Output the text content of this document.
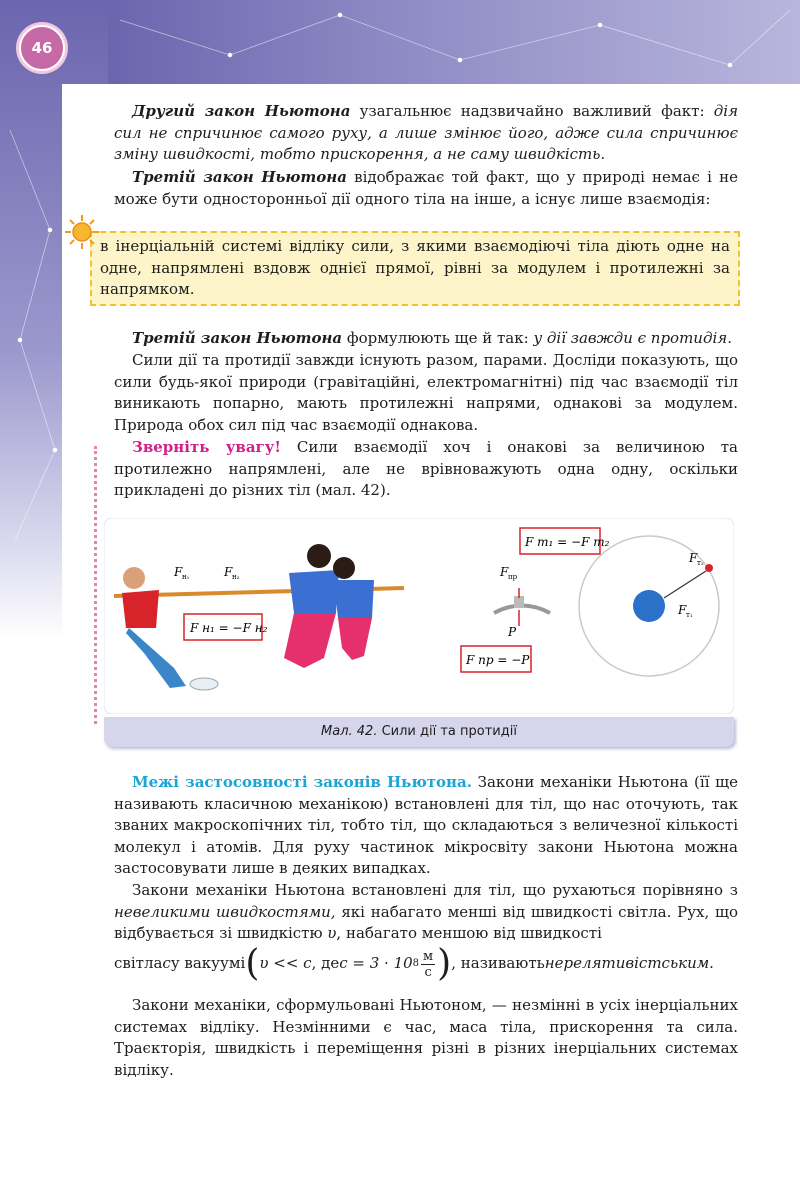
46

Другий закон Ньютона узагальнює надзвичайно важливий факт: дія сил не спричинює самого руху, а лише змінює його, адже сила спричинює зміну швидкості, тобто прискорення, а не саму швидкість.

Третій закон Ньютона відображає той факт, що у природі немає і не може бути односторонньої дії одного тіла на інше, а існує лише взаємодія:

в інерціальній системі відліку сили, з якими взаємодіючі тіла діють одне на одне, напрямлені вздовж однієї прямої, рівні за модулем і протилежні за напрямком.

Третій закон Ньютона формулюють ще й так: у дії завжди є протидія.

Сили дії та протидії завжди існують разом, парами. Досліди показують, що сили будь-якої природи (гравітаційні, електромагнітні) під час взаємодії тіл виникають попарно, мають протилежні напрями, однакові за модулем. Природа обох сил під час взаємодії однакова.

Зверніть увагу! Сили взаємодії хоч і онакові за величиною та протилежно напрямлені, але не врівноважують одна одну, оскільки прикладені до різних тіл (мал. 42).

F н₁	F н₂
F н₁ = −F н₂
F т₁ = −F т₂
F пр
P
F пр = −P
F т₂
F т₁
Мал. 42. Сили дії та протидії

Межі застосовності законів Ньютона. Закони механіки Ньютона (її ще називають класичною механікою) встановлені для тіл, що нас оточують, так званих макроскопічних тіл, тобто тіл, що складаються з величезної кількості молекул і атомів. Для руху частинок мікросвіту закони Ньютона можна застосовувати лише в деяких випадках.

Закони механіки Ньютона встановлені для тіл, що рухаються порівняно з невеликими швидкостями, які набагато менші від швидкості світла. Рух, що відбувається зі швидкістю υ, набагато меншою від швидкості

світла c у вакуумі ( υ << c , де c = 3 · 10 $8 \frac{м}{с}$ ) , називають нерелятивістським.

Закони механіки, сформульовані Ньютоном, — незмінні в усіх інерціальних системах відліку. Незмінними є час, маса тіла, прискорення та сила. Траєкторія, швидкість і переміщення різні в різних інерціальних системах відліку.
